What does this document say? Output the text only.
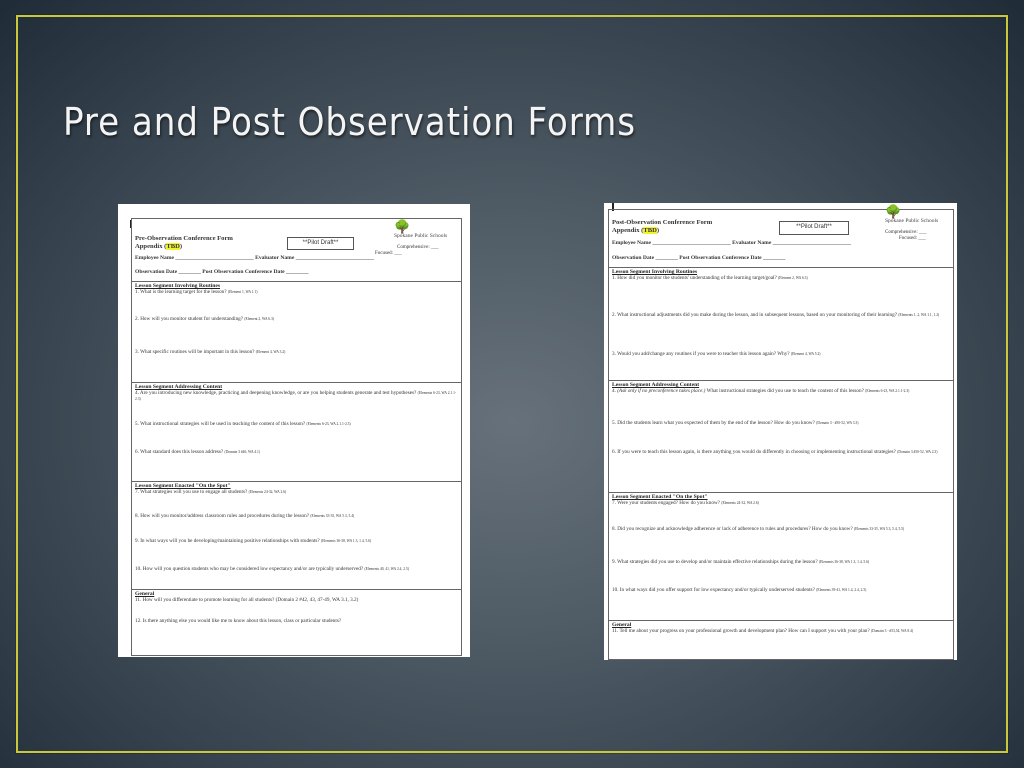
Pre and Post Observation Forms
Pre-Observation Conference Form
Appendix (TBD)	**Pilot Draft**
🌳 Spokane Public Schools
Comprehensive: ___
Focused: ___
Employee Name ____________________________ Evaluator Name ____________________________
Observation Date ________ Post Observation Conference Date ________
Lesson Segment Involving Routines
1. What is the learning target for the lesson? (Element 1, WA 1.1)
2. How will you monitor student for understanding? (Element 2, WA 6.3)
3. What specific routines will be important in this lesson? (Element 4, WA 3.2)
Lesson Segment Addressing Content
4. Are you introducing new knowledge, practicing and deepening knowledge, or are you helping students generate and test hypotheses? (Elements 6-23, WA 2.1.1-2.3)
5. What instructional strategies will be used in teaching the content of this lesson? (Elements 6-23, WA 2.1.1-2.3)
6. What standard does this lesson address? (Domain 3 #46, WA 4.1)
Lesson Segment Enacted "On the Spot"
7. What strategies will you use to engage all students? (Elements 24-32, WA 2.6)
8. How will you monitor/address classroom rules and procedures during the lesson? (Elements 33-35, WA 5.3, 5.4)
9. In what ways will you be developing/maintaining positive relationships with students? (Elements 36-38, WA 1.3, 1.4, 5.6)
10. How will you question students who may be considered low expectancy and/or are typically underserved? (Elements 40, 41, WA 2.4, 2.5)
General
11. How will you differentiate to promote learning for all students? (Domain 2 #42, 43, 47-49, WA 3.1, 3.2)
12. Is there anything else you would like me to know about this lesson, class or particular students?
Post-Observation Conference Form
Appendix (TBD)	**Pilot Draft**
🌳 Spokane Public Schools
Comprehensive: ___
Focused: ___
Employee Name ____________________________ Evaluator Name ____________________________
Observation Date ________ Post Observation Conference Date ________
Lesson Segment Involving Routines
1. How did you monitor the students' understanding of the learning target/goal? (Element 2, WA 6.3)
2. What instructional adjustments did you make during the lesson, and in subsequent lessons, based on your monitoring of their learning? (Elements 1, 2, WA 1.1, 1.2)
3. Would you add/change any routines if you were to teacher this lesson again? Why? (Element 4, WA 5.2)
Lesson Segment Addressing Content
4. (Ask only if no preconference takes place.) What instructional strategies did you use to teach the content of this lesson? (Elements 6-23, WA 2.1.1-2.3)
5. Did the students learn what you expected of them by the end of the lesson? How do you know? (Domain 3 - #50-52, WA 3.3)
6. If you were to teach this lesson again, is there anything you would do differently in choosing or implementing instructional strategies? (Domain 3 #50-52, WA 2.3)
Lesson Segment Enacted "On the Spot"
7. Were your students engaged? How do you know? (Elements 24-32, WA 2.6)
8. Did you recognize and acknowledge adherence or lack of adherence to rules and procedures? How do you know? (Elements 33-35, WA 5.3, 5.4, 5.5)
9. What strategies did you use to develop and/or maintain effective relationships during the lesson? (Elements 36-38, WA 1.3, 1.4, 5.6)
10. In what ways did you offer support for low expectancy and/or typically underserved students? (Elements 39-41, WA 1.4, 2.4, 2.5)
General
11. Tell me about your progress on your professional growth and development plan? How can I support you with your plan? (Domain 3 - #53,54, WA 8.4)
